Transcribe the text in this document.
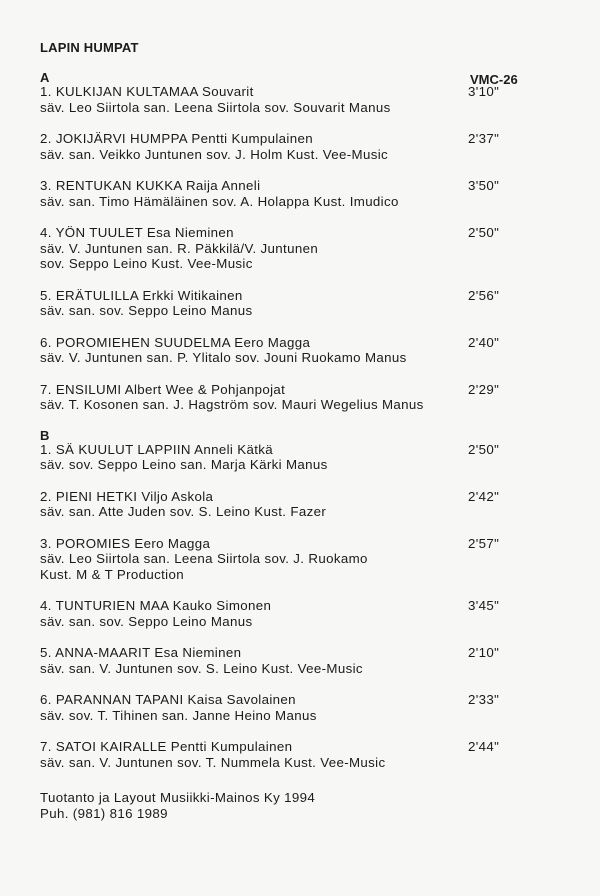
LAPIN HUMPAT
VMC-26
A
1. KULKIJAN KULTAMAA Souvarit	3'10"
säv. Leo Siirtola san. Leena Siirtola sov. Souvarit Manus
2. JOKIJÄRVI HUMPPA Pentti Kumpulainen	2'37"
säv. san. Veikko Juntunen sov. J. Holm Kust. Vee-Music
3. RENTUKAN KUKKA Raija Anneli	3'50"
säv. san. Timo Hämäläinen sov. A. Holappa Kust. Imudico
4. YÖN TUULET Esa Nieminen	2'50"
säv. V. Juntunen san. R. Päkkilä/V. Juntunen
sov. Seppo Leino Kust. Vee-Music
5. ERÄTULILLA Erkki Witikainen	2'56"
säv. san. sov. Seppo Leino Manus
6. POROMIEHEN SUUDELMA Eero Magga	2'40"
säv. V. Juntunen san. P. Ylitalo sov. Jouni Ruokamo Manus
7. ENSILUMI Albert Wee & Pohjanpojat	2'29"
säv. T. Kosonen san. J. Hagström sov. Mauri Wegelius Manus
B
1. SÄ KUULUT LAPPIIN Anneli Kätkä	2'50"
säv. sov. Seppo Leino san. Marja Kärki Manus
2. PIENI HETKI Viljo Askola	2'42"
säv. san. Atte Juden sov. S. Leino Kust. Fazer
3. POROMIES Eero Magga	2'57"
säv. Leo Siirtola san. Leena Siirtola sov. J. Ruokamo
Kust. M & T Production
4. TUNTURIEN MAA Kauko Simonen	3'45"
säv. san. sov. Seppo Leino Manus
5. ANNA-MAARIT Esa Nieminen	2'10"
säv. san. V. Juntunen sov. S. Leino Kust. Vee-Music
6. PARANNAN TAPANI Kaisa Savolainen	2'33"
säv. sov. T. Tihinen san. Janne Heino Manus
7. SATOI KAIRALLE Pentti Kumpulainen	2'44"
säv. san. V. Juntunen sov. T. Nummela Kust. Vee-Music
Tuotanto ja Layout Musiikki-Mainos Ky 1994
Puh. (981) 816 1989
